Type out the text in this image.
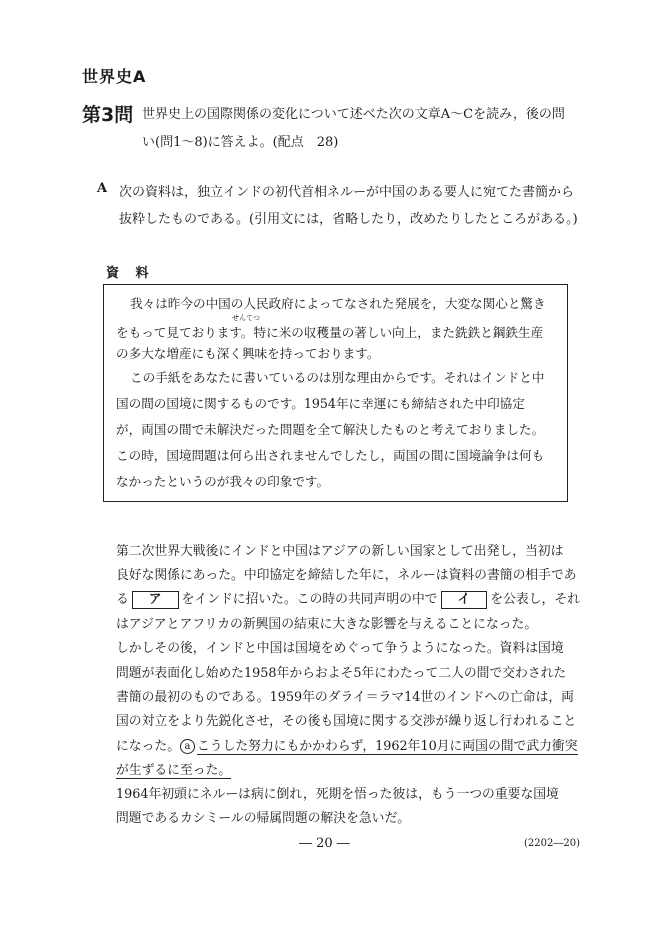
世界史A
第3問 世界史上の国際関係の変化について述べた次の文章A～Cを読み，後の問
い(問1～8)に答えよ。(配点　28)
A 次の資料は，独立インドの初代首相ネルーが中国のある要人に宛てた書簡から
抜粋したものである。(引用文には，省略したり，改めたりしたところがある。)
資 料
せんてつ
我々は昨今の中国の人民政府によってなされた発展を，大変な関心と驚き
をもって見ております。特に米の収穫量の著しい向上，また銑鉄と鋼鉄生産
の多大な増産にも深く興味を持っております。
この手紙をあなたに書いているのは別な理由からです。それはインドと中
国の間の国境に関するものです。1954年に幸運にも締結された中印協定
が，両国の間で未解決だった問題を全て解決したものと考えておりました。
この時，国境問題は何ら出されませんでしたし，両国の間に国境論争は何も
なかったというのが我々の印象です。
第二次世界大戦後にインドと中国はアジアの新しい国家として出発し，当初は
良好な関係にあった。中印協定を締結した年に，ネルーは資料の書簡の相手であ
る ア をインドに招いた。この時の共同声明の中で イ を公表し，それ
はアジアとアフリカの新興国の結束に大きな影響を与えることになった。
しかしその後，インドと中国は国境をめぐって争うようになった。資料は国境
問題が表面化し始めた1958年からおよそ5年にわたって二人の間で交わされた
書簡の最初のものである。1959年のダライ＝ラマ14世のインドへの亡命は，両
国の対立をより先鋭化させ，その後も国境に関する交渉が繰り返し行われること
になった。 a こうした努力にもかかわらず，1962年10月に両国の間で武力衝突
が生ずるに至った。
1964年初頭にネルーは病に倒れ，死期を悟った彼は，もう一つの重要な国境
問題であるカシミールの帰属問題の解決を急いだ。
― 20 ―	(2202―20)
